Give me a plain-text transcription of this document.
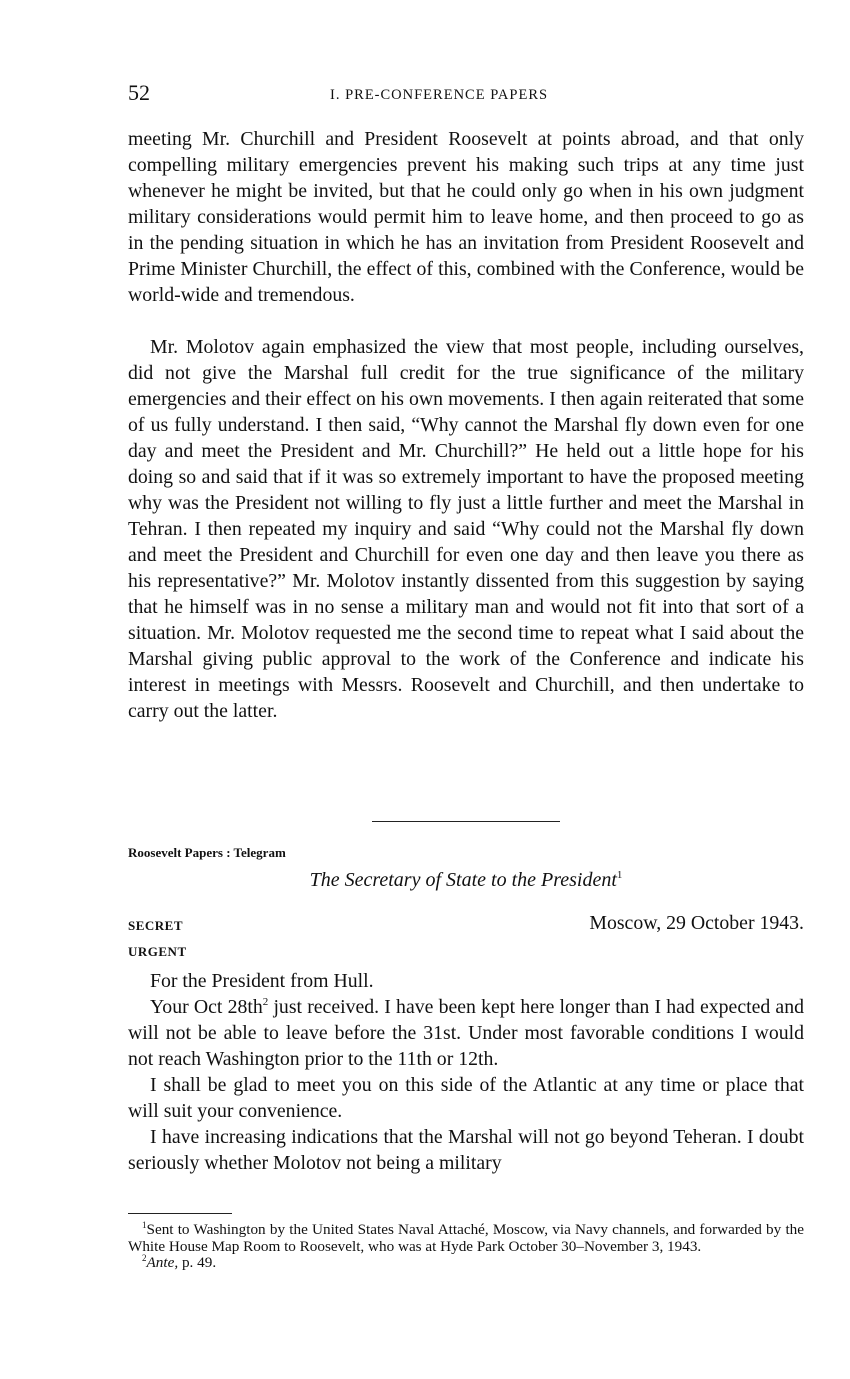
52	I. PRE-CONFERENCE PAPERS

meeting Mr. Churchill and President Roosevelt at points abroad, and that only compelling military emergencies prevent his making such trips at any time just whenever he might be invited, but that he could only go when in his own judgment military considerations would permit him to leave home, and then proceed to go as in the pending situation in which he has an invitation from President Roosevelt and Prime Minister Churchill, the effect of this, combined with the Conference, would be world-wide and tremendous.

Mr. Molotov again emphasized the view that most people, including ourselves, did not give the Marshal full credit for the true significance of the military emergencies and their effect on his own movements. I then again reiterated that some of us fully understand. I then said, “Why cannot the Marshal fly down even for one day and meet the President and Mr. Churchill?” He held out a little hope for his doing so and said that if it was so extremely important to have the proposed meeting why was the President not willing to fly just a little further and meet the Marshal in Tehran. I then repeated my inquiry and said “Why could not the Marshal fly down and meet the President and Churchill for even one day and then leave you there as his representative?” Mr. Molotov instantly dissented from this suggestion by saying that he himself was in no sense a military man and would not fit into that sort of a situation. Mr. Molotov requested me the second time to repeat what I said about the Marshal giving public approval to the work of the Conference and indicate his interest in meetings with Messrs. Roosevelt and Churchill, and then undertake to carry out the latter.

Roosevelt Papers : Telegram
The Secretary of State to the President$^1$
SECRET
URGENT
Moscow, 29 October 1943.

For the President from Hull.

Your Oct 28th$^2$ just received. I have been kept here longer than I had expected and will not be able to leave before the 31st. Under most favorable conditions I would not reach Washington prior to the 11th or 12th.

I shall be glad to meet you on this side of the Atlantic at any time or place that will suit your convenience.

I have increasing indications that the Marshal will not go beyond Teheran. I doubt seriously whether Molotov not being a military

$^1$Sent to Washington by the United States Naval Attaché, Moscow, via Navy channels, and forwarded by the White House Map Room to Roosevelt, who was at Hyde Park October 30–November 3, 1943.

$^2$Ante, p. 49.
